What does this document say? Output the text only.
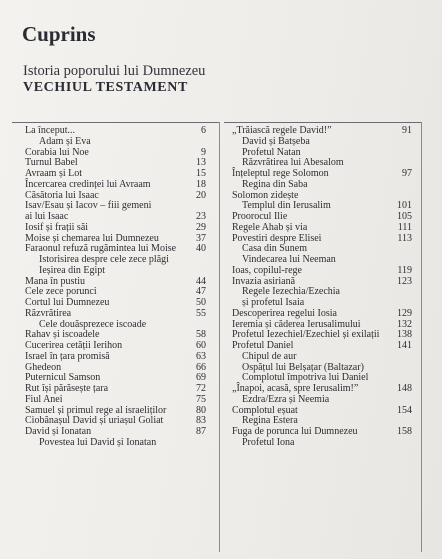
Cuprins
Istoria poporului lui Dumnezeu
VECHIUL TESTAMENT
La început...	6
Adam și Eva
Corabia lui Noe	9
Turnul Babel	13
Avraam și Lot	15
Încercarea credinței lui Avraam	18
Căsătoria lui Isaac	20
Isav/Esau și Iacov – fiii gemeni
ai lui Isaac	23
Iosif și frații săi	29
Moise și chemarea lui Dumnezeu	37
Faraonul refuză rugămintea lui Moise 40
Istorisirea despre cele zece plăgi
Ieșirea din Egipt
Mana în pustiu	44
Cele zece porunci	47
Cortul lui Dumnezeu	50
Răzvrătirea	55
Cele douăsprezece iscoade
Rahav și iscoadele	58
Cucerirea cetății Ierihon	60
Israel în țara promisă	63
Ghedeon	66
Puternicul Samson	69
Rut își părăsește țara	72
Fiul Anei	75
Samuel și primul rege al israeliților	80
Ciobănașul David și uriașul Goliat	83
David și Ionatan	87
Povestea lui David și Ionatan
„Trăiască regele David!”	91
David și Batșeba
Profetul Natan
Răzvrătirea lui Abesalom
Înțeleptul rege Solomon	97
Regina din Saba
Solomon zidește
Templul din Ierusalim	101
Proorocul Ilie	105
Regele Ahab și via	111
Povestiri despre Elisei	113
Casa din Sunem
Vindecarea lui Neeman
Ioas, copilul-rege	119
Invazia asiriană	123
Regele Iezechia/Ezechia
și profetul Isaia
Descoperirea regelui Iosia	129
Ieremia și căderea Ierusalimului	132
Profetul Iezechiel/Ezechiel și exilații 138
Profetul Daniel	141
Chipul de aur
Ospățul lui Belșațar (Baltazar)
Complotul împotriva lui Daniel
„Înapoi, acasă, spre Ierusalim!”	148
Ezdra/Ezra și Neemia
Complotul eșuat	154
Regina Estera
Fuga de porunca lui Dumnezeu	158
Profetul Iona
